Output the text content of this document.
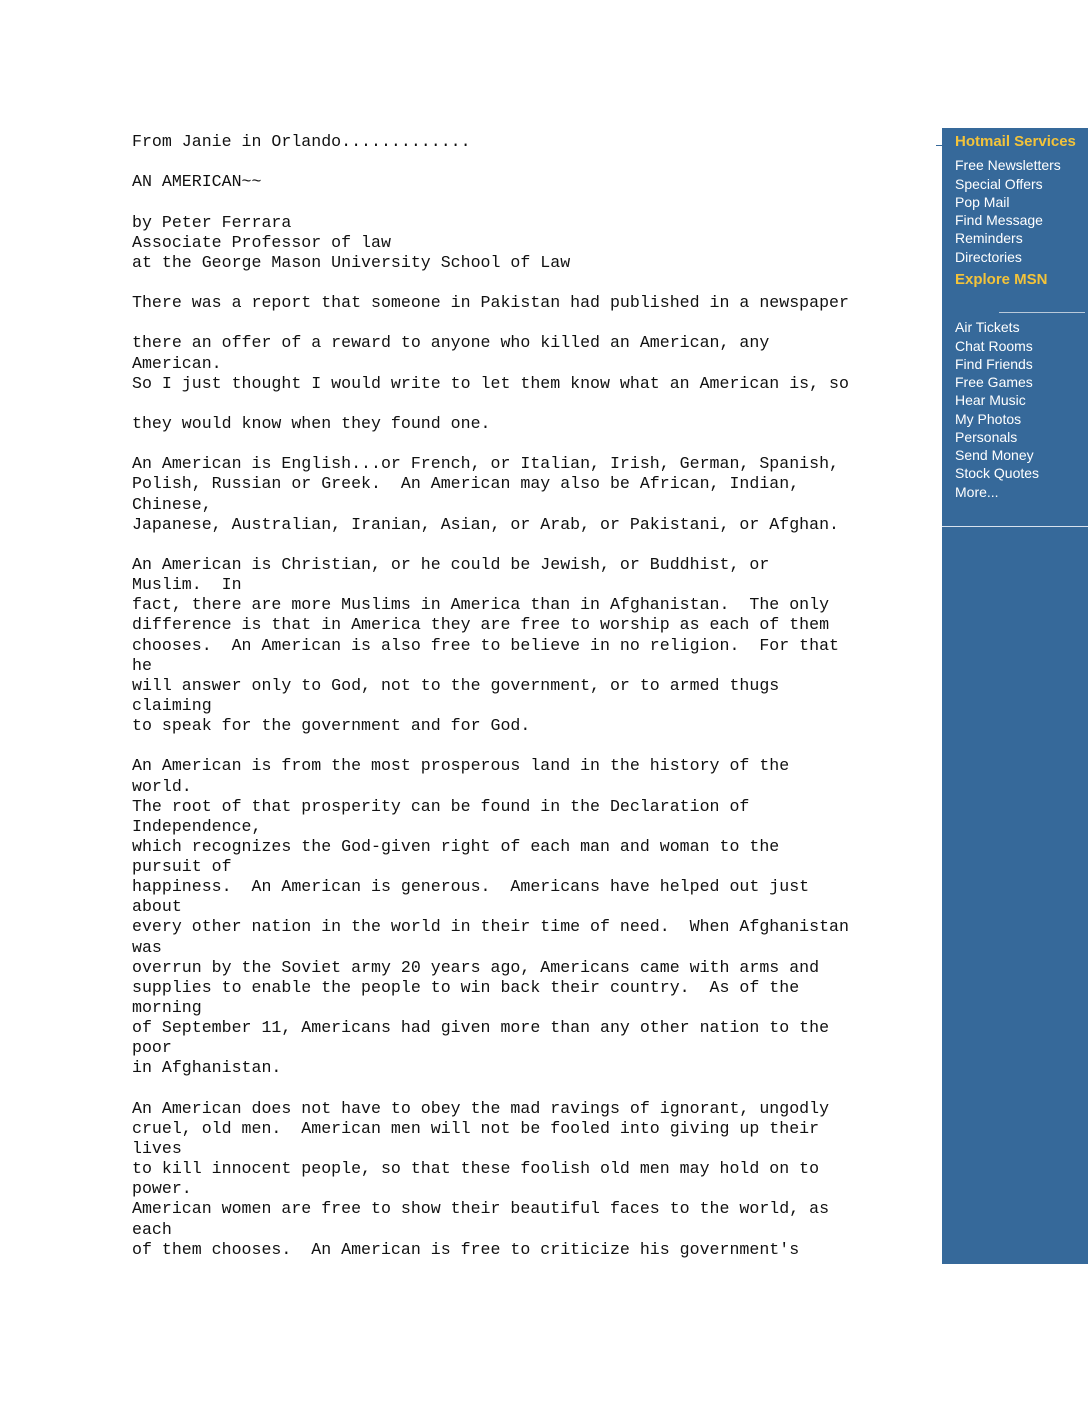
From Janie in Orlando.............
AN AMERICAN~~
by Peter Ferrara
Associate Professor of law
at the George Mason University School of Law
There was a report that someone in Pakistan had published in a newspaper
there an offer of a reward to anyone who killed an American, any
American.
So I just thought I would write to let them know what an American is, so
they would know when they found one.
An American is English...or French, or Italian, Irish, German, Spanish,
Polish, Russian or Greek.  An American may also be African, Indian,
Chinese,
Japanese, Australian, Iranian, Asian, or Arab, or Pakistani, or Afghan.
An American is Christian, or he could be Jewish, or Buddhist, or
Muslim.  In
fact, there are more Muslims in America than in Afghanistan.  The only
difference is that in America they are free to worship as each of them
chooses.  An American is also free to believe in no religion.  For that
he
will answer only to God, not to the government, or to armed thugs
claiming
to speak for the government and for God.
An American is from the most prosperous land in the history of the
world.
The root of that prosperity can be found in the Declaration of
Independence,
which recognizes the God-given right of each man and woman to the
pursuit of
happiness.  An American is generous.  Americans have helped out just
about
every other nation in the world in their time of need.  When Afghanistan
was
overrun by the Soviet army 20 years ago, Americans came with arms and
supplies to enable the people to win back their country.  As of the
morning
of September 11, Americans had given more than any other nation to the
poor
in Afghanistan.
An American does not have to obey the mad ravings of ignorant, ungodly
cruel, old men.  American men will not be fooled into giving up their
lives
to kill innocent people, so that these foolish old men may hold on to
power.
American women are free to show their beautiful faces to the world, as
each
of them chooses.  An American is free to criticize his government's
Hotmail Services
Free Newsletters
Special Offers
Pop Mail
Find Message
Reminders
Directories
Explore MSN
Air Tickets
Chat Rooms
Find Friends
Free Games
Hear Music
My Photos
Personals
Send Money
Stock Quotes
More...
